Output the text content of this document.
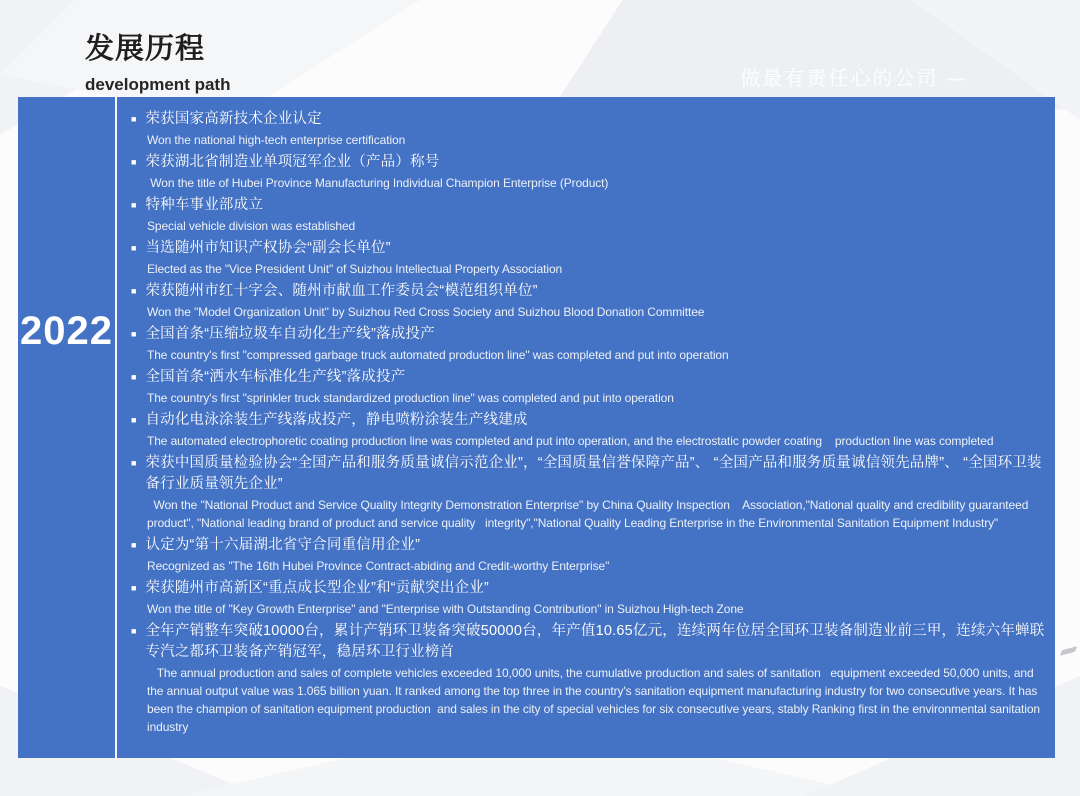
做最有责任心的公司 —
发展历程
development path
2022
■ 荣获国家高新技术企业认定
Won the national high-tech enterprise certification
■ 荣获湖北省制造业单项冠军企业（产品）称号
Won the title of Hubei Province Manufacturing Individual Champion Enterprise (Product)
■ 特种车事业部成立
Special vehicle division was established
■ 当选随州市知识产权协会“副会长单位”
Elected as the "Vice President Unit" of Suizhou Intellectual Property Association
■ 荣获随州市红十字会、随州市献血工作委员会“模范组织单位”
Won the "Model Organization Unit" by Suizhou Red Cross Society and Suizhou Blood Donation Committee
■ 全国首条“压缩垃圾车自动化生产线”落成投产
The country's first "compressed garbage truck automated production line" was completed and put into operation
■ 全国首条“洒水车标准化生产线”落成投产
The country's first "sprinkler truck standardized production line" was completed and put into operation
■ 自动化电泳涂装生产线落成投产，静电喷粉涂装生产线建成
The automated electrophoretic coating production line was completed and put into operation, and the electrostatic powder coating    production line was completed
■ 荣获中国质量检验协会“全国产品和服务质量诚信示范企业”，“全国质量信誉保障产品”、 “全国产品和服务质量诚信领先品牌”、 “全国环卫装备行业质量领先企业”
Won the "National Product and Service Quality Integrity Demonstration Enterprise" by China Quality Inspection    Association,"National quality and credibility guaranteed product", "National leading brand of product and service quality   integrity","National Quality Leading Enterprise in the Environmental Sanitation Equipment Industry"
■ 认定为“第十六届湖北省守合同重信用企业”
Recognized as "The 16th Hubei Province Contract-abiding and Credit-worthy Enterprise"
■ 荣获随州市高新区“重点成长型企业”和“贡献突出企业”
Won the title of "Key Growth Enterprise" and "Enterprise with Outstanding Contribution" in Suizhou High-tech Zone
■ 全年产销整车突破10000台，累计产销环卫装备突破50000台，年产值10.65亿元，连续两年位居全国环卫装备制造业前三甲，连续六年蝉联专汽之都环卫装备产销冠军，稳居环卫行业榜首
The annual production and sales of complete vehicles exceeded 10,000 units, the cumulative production and sales of sanitation   equipment exceeded 50,000 units, and the annual output value was 1.065 billion yuan. It ranked among the top three in the country's sanitation equipment manufacturing industry for two consecutive years. It has been the champion of sanitation equipment production  and sales in the city of special vehicles for six consecutive years, stably Ranking first in the environmental sanitation industry
